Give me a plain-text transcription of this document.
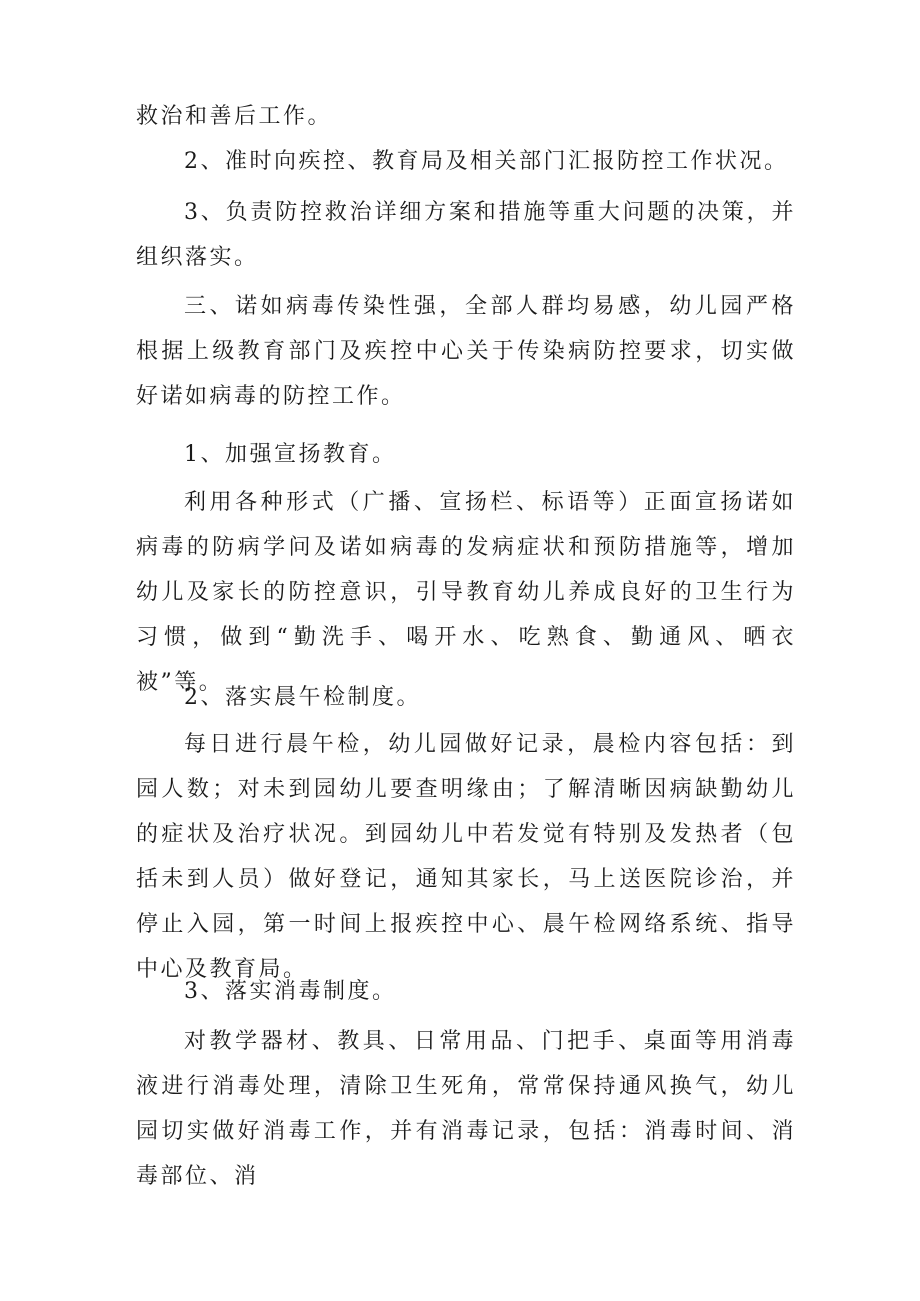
救治和善后工作。

2、准时向疾控、教育局及相关部门汇报防控工作状况。

3、负责防控救治详细方案和措施等重大问题的决策，并组织落实。

三、诺如病毒传染性强，全部人群均易感，幼儿园严格根据上级教育部门及疾控中心关于传染病防控要求，切实做好诺如病毒的防控工作。

1、加强宣扬教育。

利用各种形式（广播、宣扬栏、标语等）正面宣扬诺如病毒的防病学问及诺如病毒的发病症状和预防措施等，增加幼儿及家长的防控意识，引导教育幼儿养成良好的卫生行为习惯，做到“勤洗手、喝开水、吃熟食、勤通风、晒衣被”等。

2、落实晨午检制度。

每日进行晨午检，幼儿园做好记录，晨检内容包括：到园人数；对未到园幼儿要查明缘由；了解清晰因病缺勤幼儿的症状及治疗状况。到园幼儿中若发觉有特别及发热者（包括未到人员）做好登记，通知其家长，马上送医院诊治，并停止入园，第一时间上报疾控中心、晨午检网络系统、指导中心及教育局。

3、落实消毒制度。

对教学器材、教具、日常用品、门把手、桌面等用消毒液进行消毒处理，清除卫生死角，常常保持通风换气，幼儿园切实做好消毒工作，并有消毒记录，包括：消毒时间、消毒部位、消
